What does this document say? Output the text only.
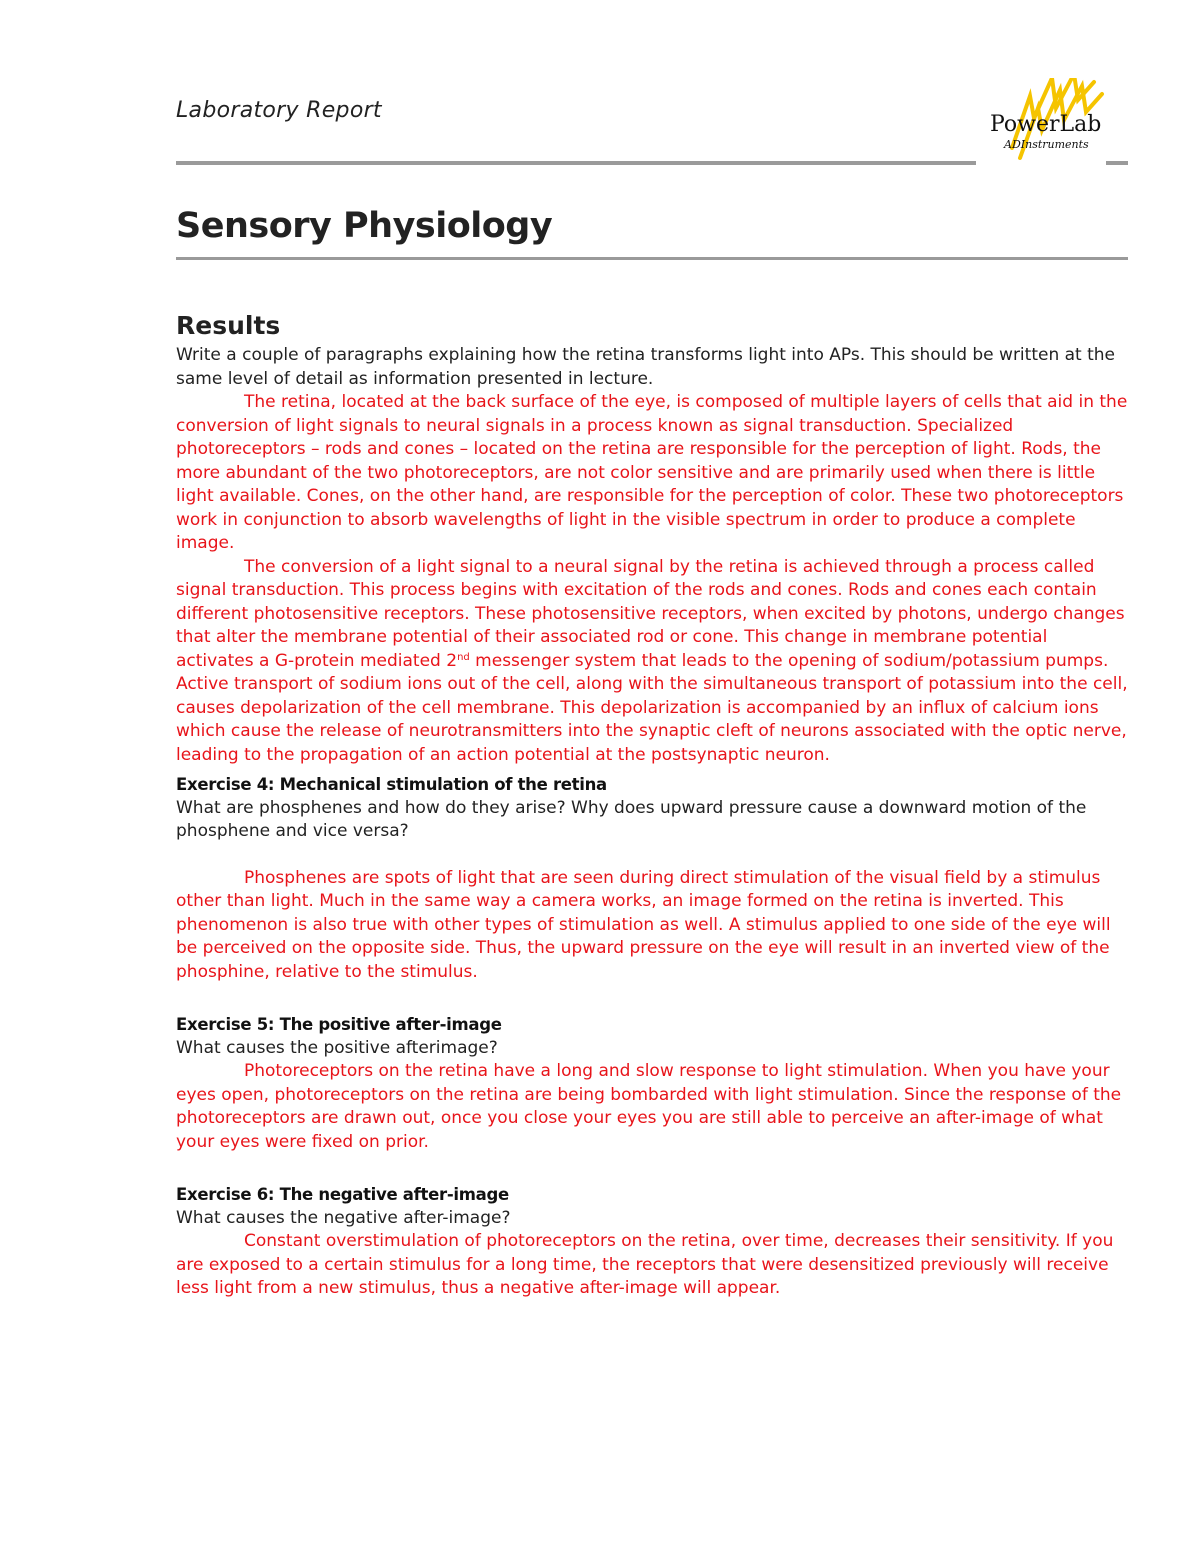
Laboratory Report
PowerLab
ADInstruments
Sensory Physiology

Results

Write a couple of paragraphs explaining how the retina transforms light into APs. This should be written at the same level of detail as information presented in lecture.

The retina, located at the back surface of the eye, is composed of multiple layers of cells that aid in the conversion of light signals to neural signals in a process known as signal transduction. Specialized photoreceptors – rods and cones – located on the retina are responsible for the perception of light. Rods, the more abundant of the two photoreceptors, are not color sensitive and are primarily used when there is little light available. Cones, on the other hand, are responsible for the perception of color. These two photoreceptors work in conjunction to absorb wavelengths of light in the visible spectrum in order to produce a complete image.

The conversion of a light signal to a neural signal by the retina is achieved through a process called signal transduction. This process begins with excitation of the rods and cones. Rods and cones each contain different photosensitive receptors. These photosensitive receptors, when excited by photons, undergo changes that alter the membrane potential of their associated rod or cone. This change in membrane potential activates a G-protein mediated 2nd messenger system that leads to the opening of sodium/potassium pumps. Active transport of sodium ions out of the cell, along with the simultaneous transport of potassium into the cell, causes depolarization of the cell membrane. This depolarization is accompanied by an influx of calcium ions which cause the release of neurotransmitters into the synaptic cleft of neurons associated with the optic nerve, leading to the propagation of an action potential at the postsynaptic neuron.

Exercise 4: Mechanical stimulation of the retina

What are phosphenes and how do they arise? Why does upward pressure cause a downward motion of the phosphene and vice versa?

Phosphenes are spots of light that are seen during direct stimulation of the visual field by a stimulus other than light. Much in the same way a camera works, an image formed on the retina is inverted. This phenomenon is also true with other types of stimulation as well. A stimulus applied to one side of the eye will be perceived on the opposite side. Thus, the upward pressure on the eye will result in an inverted view of the phosphine, relative to the stimulus.

Exercise 5: The positive after-image

What causes the positive afterimage?

Photoreceptors on the retina have a long and slow response to light stimulation. When you have your eyes open, photoreceptors on the retina are being bombarded with light stimulation. Since the response of the photoreceptors are drawn out, once you close your eyes you are still able to perceive an after-image of what your eyes were fixed on prior.

Exercise 6: The negative after-image

What causes the negative after-image?

Constant overstimulation of photoreceptors on the retina, over time, decreases their sensitivity. If you are exposed to a certain stimulus for a long time, the receptors that were desensitized previously will receive less light from a new stimulus, thus a negative after-image will appear.
